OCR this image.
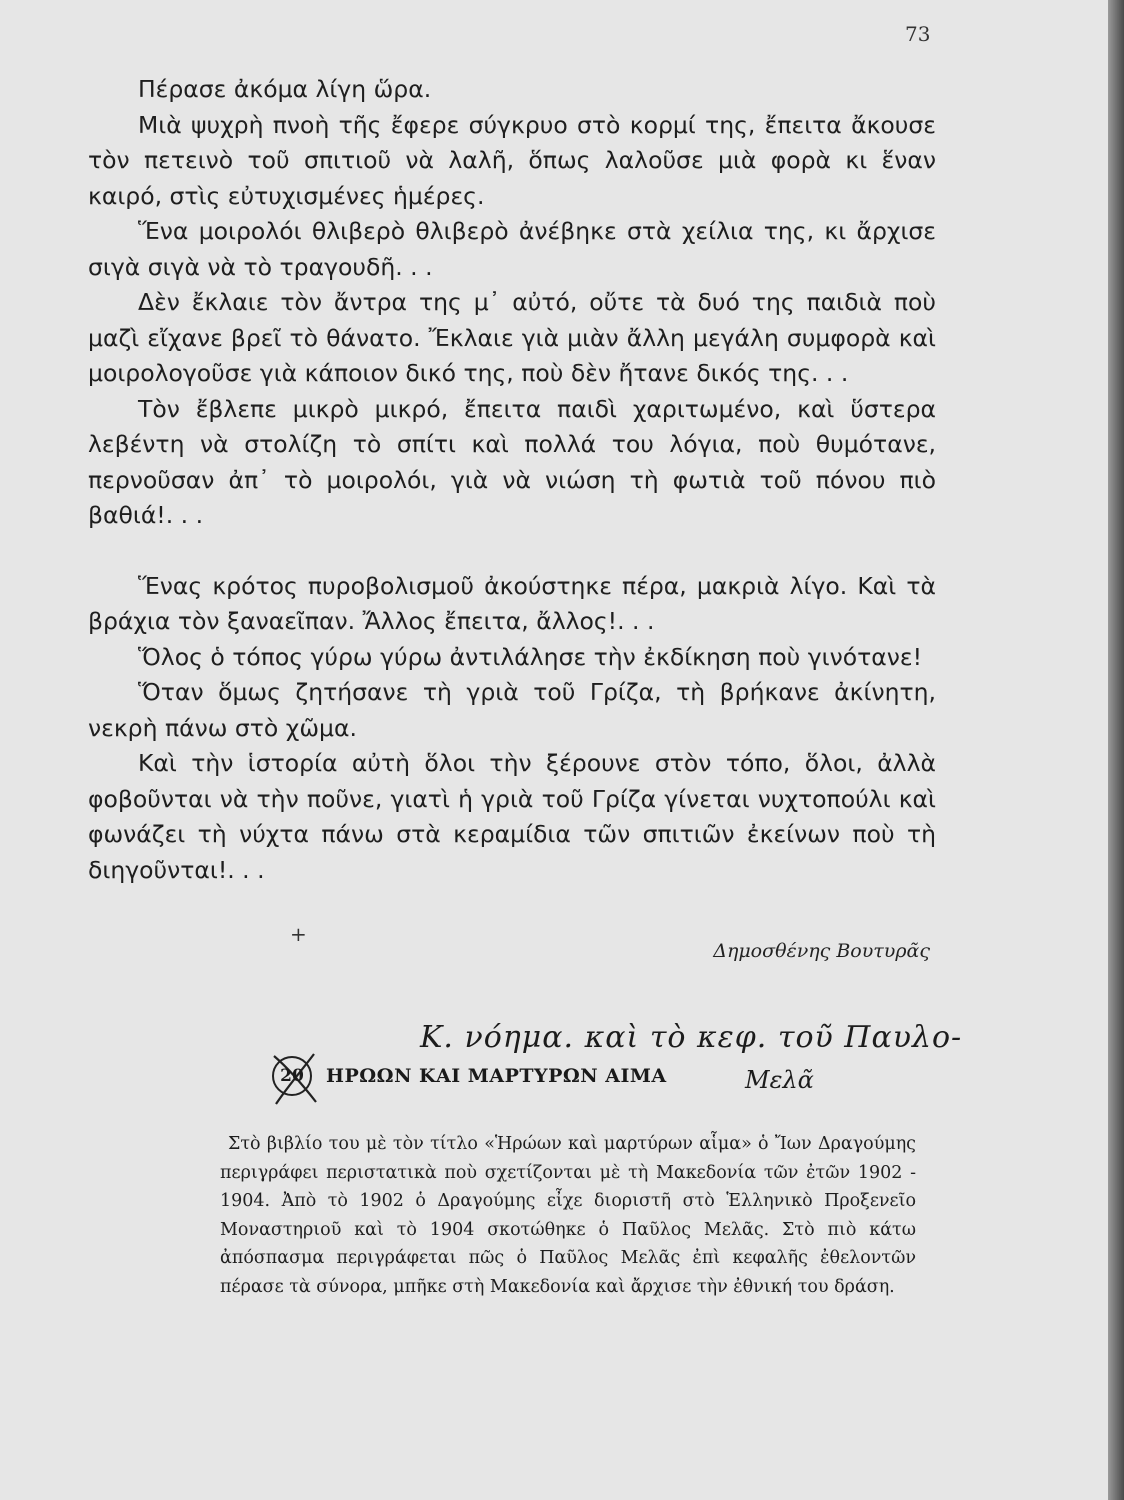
73

Πέρασε ἀκόμα λίγη ὥρα.

Μιὰ ψυχρὴ πνοὴ τῆς ἔφερε σύγκρυο στὸ κορμί της, ἔπειτα ἄκουσε τὸν πετεινὸ τοῦ σπιτιοῦ νὰ λαλῆ, ὅπως λαλοῦσε μιὰ φορὰ κι ἕναν καιρό, στὶς εὐτυχισμένες ἡμέρες.

Ἕνα μοιρολόι θλιβερὸ θλιβερὸ ἀνέβηκε στὰ χείλια της, κι ἄρχισε σιγὰ σιγὰ νὰ τὸ τραγουδῆ. . .

Δὲν ἔκλαιε τὸν ἄντρα της μ᾽ αὐτό, οὔτε τὰ δυό της παιδιὰ ποὺ μαζὶ εἴχανε βρεῖ τὸ θάνατο. Ἔκλαιε γιὰ μιὰν ἄλλη μεγάλη συμφορὰ καὶ μοιρολογοῦσε γιὰ κάποιον δικό της, ποὺ δὲν ἤτανε δικός της. . .

Τὸν ἔβλεπε μικρὸ μικρό, ἔπειτα παιδὶ χαριτωμένο, καὶ ὕστερα λεβέντη νὰ στολίζη τὸ σπίτι καὶ πολλά του λόγια, ποὺ θυμότανε, περνοῦσαν ἀπ᾽ τὸ μοιρολόι, γιὰ νὰ νιώση τὴ φωτιὰ τοῦ πόνου πιὸ βαθιά!. . .

Ἕνας κρότος πυροβολισμοῦ ἀκούστηκε πέρα, μακριὰ λίγο. Καὶ τὰ βράχια τὸν ξαναεῖπαν. Ἄλλος ἔπειτα, ἄλλος!. . .

Ὅλος ὁ τόπος γύρω γύρω ἀντιλάλησε τὴν ἐκδίκηση ποὺ γινότανε!

Ὅταν ὅμως ζητήσανε τὴ γριὰ τοῦ Γρίζα, τὴ βρήκανε ἀκίνητη, νεκρὴ πάνω στὸ χῶμα.

Καὶ τὴν ἱστορία αὐτὴ ὅλοι τὴν ξέρουνε στὸν τόπο, ὅλοι, ἀλλὰ φοβοῦνται νὰ τὴν ποῦνε, γιατὶ ἡ γριὰ τοῦ Γρίζα γίνεται νυχτοπούλι καὶ φωνάζει τὴ νύχτα πάνω στὰ κεραμίδια τῶν σπιτιῶν ἐκείνων ποὺ τὴ διηγοῦνται!. . .

+
Δημοσθένης Βουτυρᾶς
Κ. νόημα. καὶ τὸ κεφ. τοῦ Παυλο-
Μελᾶ
20 ΗΡΩΩΝ ΚΑΙ ΜΑΡΤΥΡΩΝ ΑΙΜΑ

Στὸ βιβλίο του μὲ τὸν τίτλο «Ἡρώων καὶ μαρτύρων αἷμα» ὁ Ἴων Δραγούμης περιγράφει περιστατικὰ ποὺ σχετίζονται μὲ τὴ Μακεδονία τῶν ἐτῶν 1902 - 1904. Ἀπὸ τὸ 1902 ὁ Δραγούμης εἶχε διοριστῆ στὸ Ἑλληνικὸ Προξενεῖο Μοναστηριοῦ καὶ τὸ 1904 σκοτώθηκε ὁ Παῦλος Μελᾶς. Στὸ πιὸ κάτω ἀπόσπασμα περιγράφεται πῶς ὁ Παῦλος Μελᾶς ἐπὶ κεφαλῆς ἐθελοντῶν πέρασε τὰ σύνορα, μπῆκε στὴ Μακεδονία καὶ ἄρχισε τὴν ἐθνική του δράση.
